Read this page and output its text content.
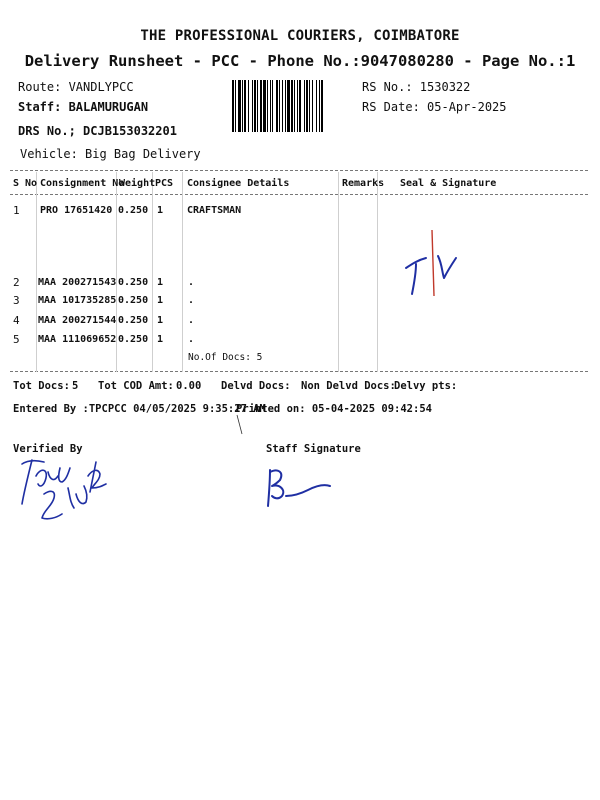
THE PROFESSIONAL COURIERS, COIMBATORE
Delivery Runsheet - PCC - Phone No.:9047080280 - Page No.:1
Route: VANDLYPCC
Staff: BALAMURUGAN
DRS No.; DCJB153032201
Vehicle: Big Bag Delivery
RS No.: 1530322
RS Date: 05-Apr-2025
S No Consignment No
Weight PCS Consignee Details	Remarks Seal & Signature
1 PRO 17651420 0.250 1 CRAFTSMAN
2 MAA 200271543 0.250 1 .
3 MAA 101735285 0.250 1 .
4 MAA 200271544 0.250 1 .
5 MAA 111069652 0.250 1 .
No.Of Docs: 5
Tot Docs: 5 Tot COD Amt: 0.00 Delvd Docs: Non Delvd Docs:
Delvy pts:
Entered By :TPCPCC 04/05/2025 9:35:27 AM
Printed on: 05-04-2025 09:42:54
Verified By	Staff Signature
